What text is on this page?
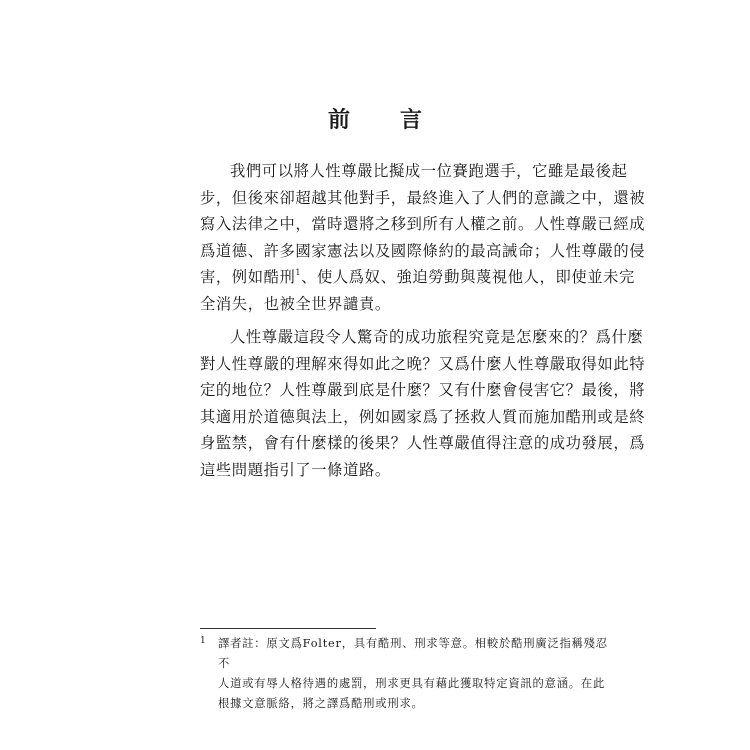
前　言
我們可以將人性尊嚴比擬成一位賽跑選手，它雖是最後起
步，但後來卻超越其他對手，最終進入了人們的意識之中，還被
寫入法律之中，當時還將之移到所有人權之前。人性尊嚴已經成
爲道德、許多國家憲法以及國際條約的最高誡命；人性尊嚴的侵
害，例如酷刑$^1$、使人爲奴、強迫勞動與蔑視他人，即使並未完
全消失，也被全世界譴責。
人性尊嚴這段令人驚奇的成功旅程究竟是怎麼來的？爲什麼
對人性尊嚴的理解來得如此之晚？又爲什麼人性尊嚴取得如此特
定的地位？人性尊嚴到底是什麼？又有什麼會侵害它？最後，將
其適用於道德與法上，例如國家爲了拯救人質而施加酷刑或是終
身監禁，會有什麼樣的後果？人性尊嚴值得注意的成功發展，爲
這些問題指引了一條道路。
1	譯者註：原文爲Folter，具有酷刑、刑求等意。相較於酷刑廣泛指稱殘忍不
人道或有辱人格待遇的處罰，刑求更具有藉此獲取特定資訊的意涵。在此
根據文意脈絡，將之譯爲酷刑或刑求。
